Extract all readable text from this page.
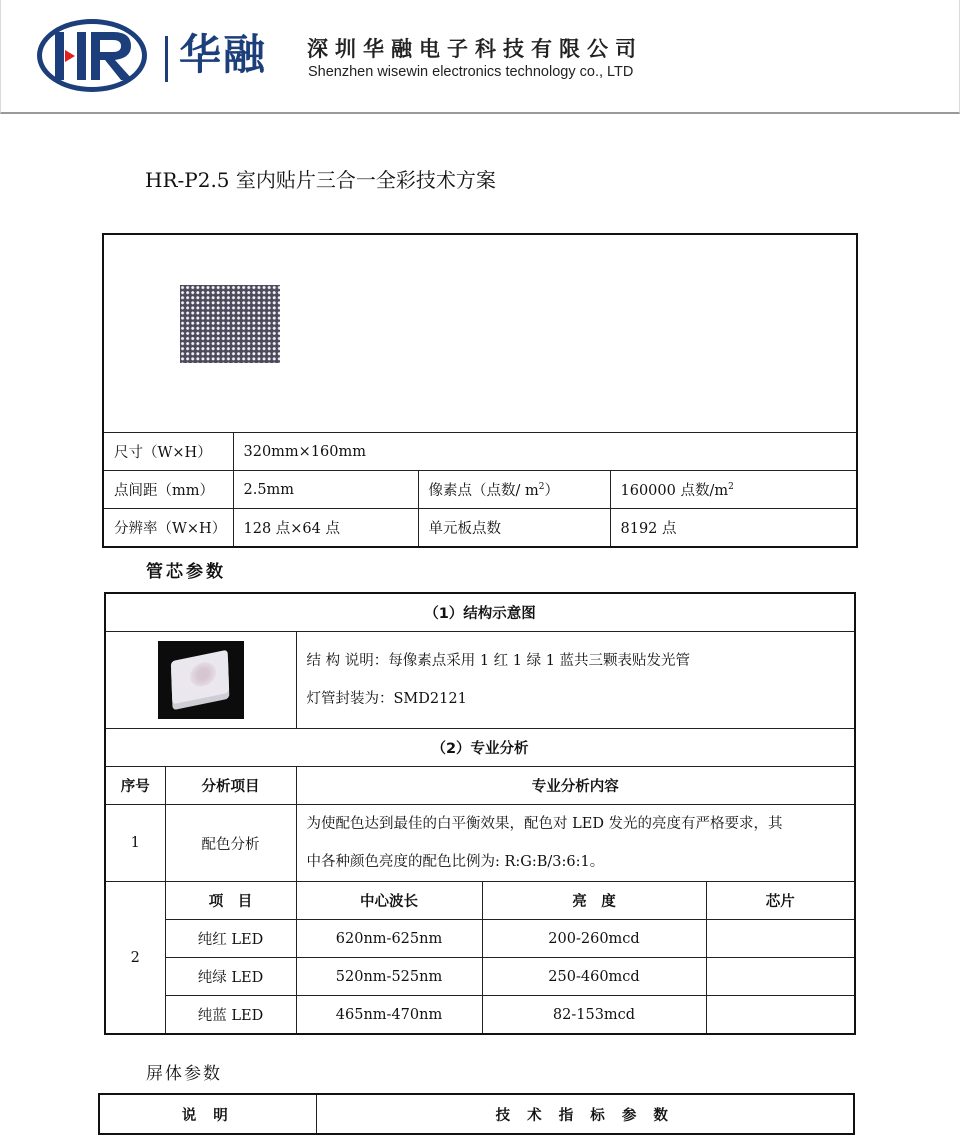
华融 深圳华融电子科技有限公司
Shenzhen wisewin electronics technology co., LTD
HR-P2.5 室内贴片三合一全彩技术方案

尺寸（W×H）	320mm×160mm		
点间距（mm）	2.5mm	像素点（点数/ $m^2$）	160000 点数$/m^2$
分辨率（W×H）	128 点×64 点	单元板点数	8192 点
管芯参数
（1）结构示意图				

		结 构 说明：每像素点采用 1 红 1 绿 1 蓝共三颗表贴发光管
灯管封装为：SMD2121		

（2）专业分析				
序号	分析项目	专业分析内容		
1	配色分析	为使配色达到最佳的白平衡效果，配色对 LED 发光的亮度有严格要求，其
中各种颜色亮度的配色比例为: R:G:B/3:6:1。		

2	项　目	中心波长	亮　度	芯片
	纯红 LED	620nm-625nm	200-260mcd	
	纯绿 LED	520nm-525nm	250-460mcd	
	纯蓝 LED	465nm-470nm	82-153mcd	
屏体参数
说 明	技 术 指 标 参 数
